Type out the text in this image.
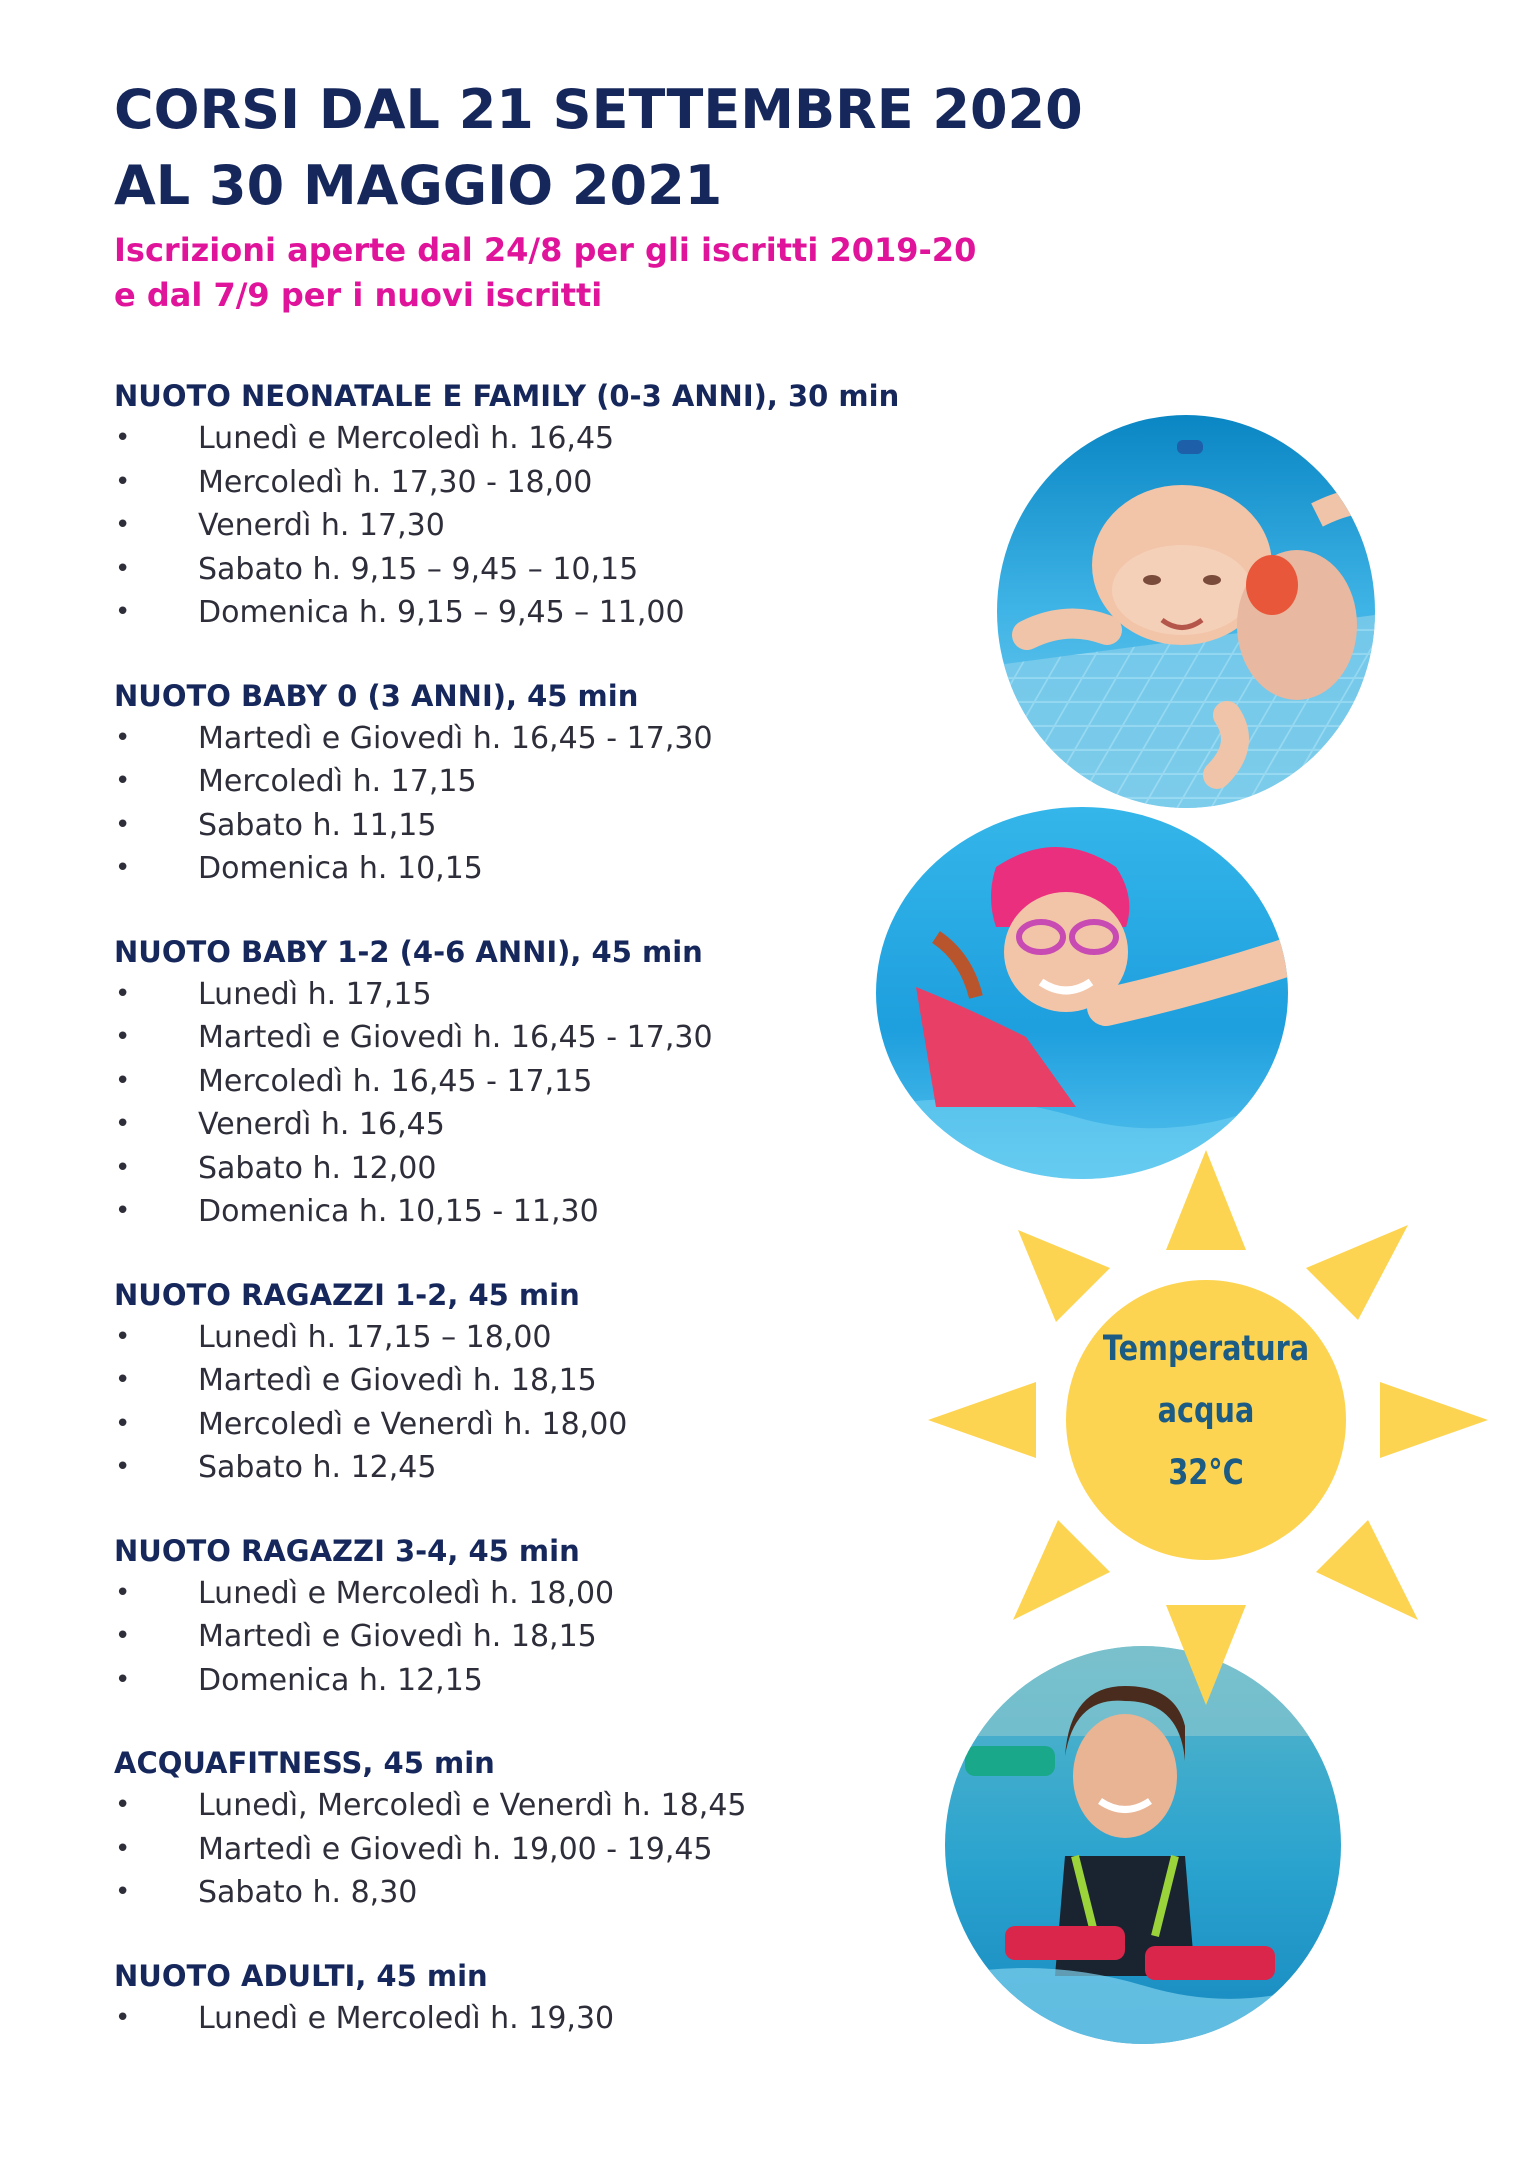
CORSI DAL 21 SETTEMBRE 2020
AL 30 MAGGIO 2021
Iscrizioni aperte dal 24/8 per gli iscritti 2019-20
e dal 7/9 per i nuovi iscritti
NUOTO NEONATALE E FAMILY (0-3 ANNI), 30 min
• Lunedì e Mercoledì h. 16,45
• Mercoledì h. 17,30 - 18,00
• Venerdì h. 17,30
• Sabato h. 9,15 – 9,45 – 10,15
• Domenica h. 9,15 – 9,45 – 11,00
NUOTO BABY 0 (3 ANNI), 45 min
• Martedì e Giovedì h. 16,45 - 17,30
• Mercoledì h. 17,15
• Sabato h. 11,15
• Domenica h. 10,15
NUOTO BABY 1-2 (4-6 ANNI), 45 min
• Lunedì h. 17,15
• Martedì e Giovedì h. 16,45 - 17,30
• Mercoledì h. 16,45 - 17,15
• Venerdì h. 16,45
• Sabato h. 12,00
• Domenica h. 10,15 - 11,30
NUOTO RAGAZZI 1-2, 45 min
• Lunedì h. 17,15 – 18,00
• Martedì e Giovedì h. 18,15
• Mercoledì e Venerdì h. 18,00
• Sabato h. 12,45
NUOTO RAGAZZI 3-4, 45 min
• Lunedì e Mercoledì h. 18,00
• Martedì e Giovedì h. 18,15
• Domenica h. 12,15
ACQUAFITNESS, 45 min
• Lunedì, Mercoledì e Venerdì h. 18,45
• Martedì e Giovedì h. 19,00 - 19,45
• Sabato h. 8,30
NUOTO ADULTI, 45 min
• Lunedì e Mercoledì h. 19,30
Temperatura
acqua
32°C
